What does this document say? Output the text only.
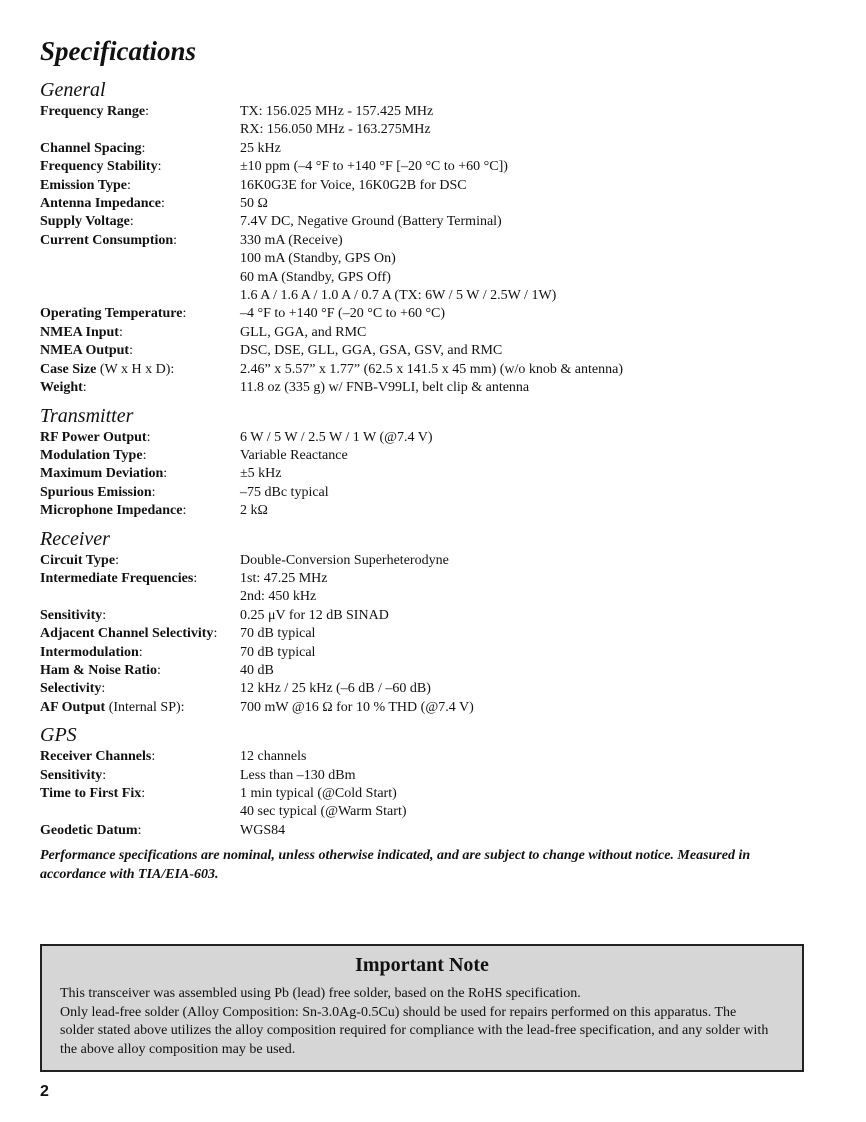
Specifications
General
Frequency Range:	TX: 156.025 MHz - 157.425 MHz
RX: 156.050 MHz - 163.275MHz

Channel Spacing:	25 kHz

Frequency Stability:	±10 ppm (–4 °F to +140 °F [–20 °C to +60 °C])

Emission Type:	16K0G3E for Voice, 16K0G2B for DSC

Antenna Impedance:	50 Ω

Supply Voltage:	7.4V DC, Negative Ground (Battery Terminal)

Current Consumption:	330 mA (Receive)
100 mA (Standby, GPS On)
60 mA (Standby, GPS Off)
1.6 A / 1.6 A / 1.0 A / 0.7 A (TX: 6W / 5 W / 2.5W / 1W)

Operating Temperature:	–4 °F to +140 °F (–20 °C to +60 °C)

NMEA Input:	GLL, GGA, and RMC

NMEA Output:	DSC, DSE, GLL, GGA, GSA, GSV, and RMC

Case Size (W x H x D):	2.46” x 5.57” x 1.77” (62.5 x 141.5 x 45 mm) (w/o knob & antenna)

Weight:	11.8 oz (335 g) w/ FNB-V99LI, belt clip & antenna
Transmitter
RF Power Output:	6 W / 5 W / 2.5 W / 1 W (@7.4 V)

Modulation Type:	Variable Reactance

Maximum Deviation:	±5 kHz

Spurious Emission:	–75 dBc typical

Microphone Impedance:	2 kΩ
Receiver
Circuit Type:	Double-Conversion Superheterodyne

Intermediate Frequencies:	1st: 47.25 MHz
2nd: 450 kHz

Sensitivity:	0.25 μV for 12 dB SINAD

Adjacent Channel Selectivity:	70 dB typical

Intermodulation:	70 dB typical

Ham & Noise Ratio:	40 dB

Selectivity:	12 kHz / 25 kHz (–6 dB / –60 dB)

AF Output (Internal SP):	700 mW @16 Ω for 10 % THD (@7.4 V)
GPS
Receiver Channels:	12 channels

Sensitivity:	Less than –130 dBm

Time to First Fix:	1 min typical (@Cold Start)
40 sec typical (@Warm Start)

Geodetic Datum:	WGS84

Performance specifications are nominal, unless otherwise indicated, and are subject to change without notice. Measured in accordance with TIA/EIA-603.

Important Note

This transceiver was assembled using Pb (lead) free solder, based on the RoHS specification.

Only lead-free solder (Alloy Composition: Sn-3.0Ag-0.5Cu) should be used for repairs performed on this apparatus. The solder stated above utilizes the alloy composition required for compliance with the lead-free specification, and any solder with the above alloy composition may be used.

2
